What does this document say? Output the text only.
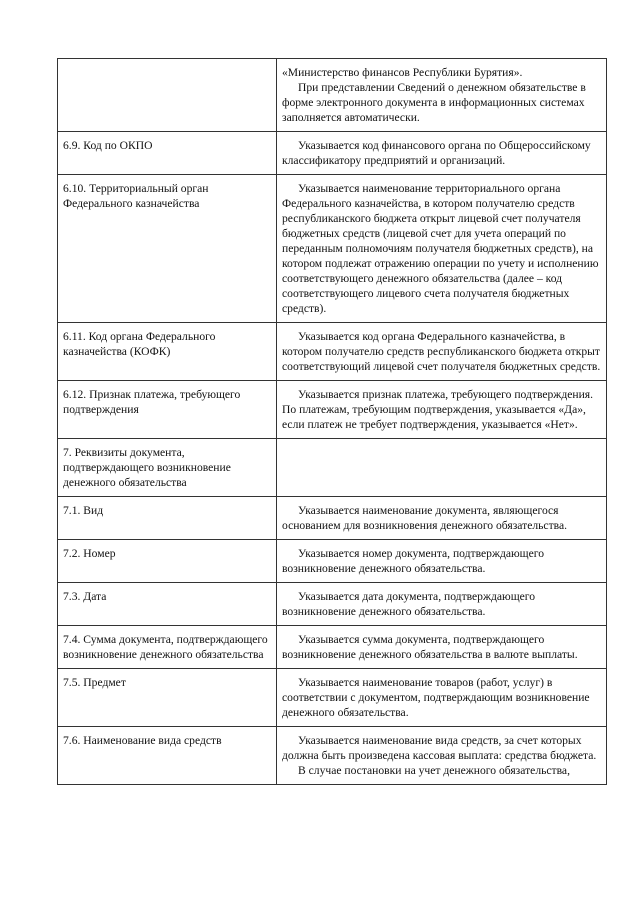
	«Министерство финансов Республики Бурятия».
При представлении Сведений о денежном обязательстве в форме электронного документа в информационных системах заполняется автоматически.

6.9. Код по ОКПО	Указывается код финансового органа по Общероссийскому классификатору предприятий и организаций.

6.10. Территориальный орган Федерального казначейства	Указывается наименование территориального органа Федерального казначейства, в котором получателю средств республиканского бюджета открыт лицевой счет получателя бюджетных средств (лицевой счет для учета операций по переданным полномочиям получателя бюджетных средств), на котором подлежат отражению операции по учету и исполнению соответствующего денежного обязательства (далее – код соответствующего лицевого счета получателя бюджетных средств).

6.11. Код органа Федерального казначейства (КОФК)	Указывается код органа Федерального казначейства, в котором получателю средств республиканского бюджета открыт соответствующий лицевой счет получателя бюджетных средств.

6.12. Признак платежа, требующего подтверждения	Указывается признак платежа, требующего подтверждения. По платежам, требующим подтверждения, указывается «Да», если платеж не требует подтверждения, указывается «Нет».

7. Реквизиты документа, подтверждающего возникновение денежного обязательства	
7.1. Вид	Указывается наименование документа, являющегося основанием для возникновения денежного обязательства.

7.2. Номер	Указывается номер документа, подтверждающего возникновение денежного обязательства.

7.3. Дата	Указывается дата документа, подтверждающего возникновение денежного обязательства.

7.4. Сумма документа, подтверждающего возникновение денежного обязательства	Указывается сумма документа, подтверждающего возникновение денежного обязательства в валюте выплаты.

7.5. Предмет	Указывается наименование товаров (работ, услуг) в соответствии с документом, подтверждающим возникновение денежного обязательства.

7.6. Наименование вида средств	Указывается наименование вида средств, за счет которых должна быть произведена кассовая выплата: средства бюджета.
В случае постановки на учет денежного обязательства,
